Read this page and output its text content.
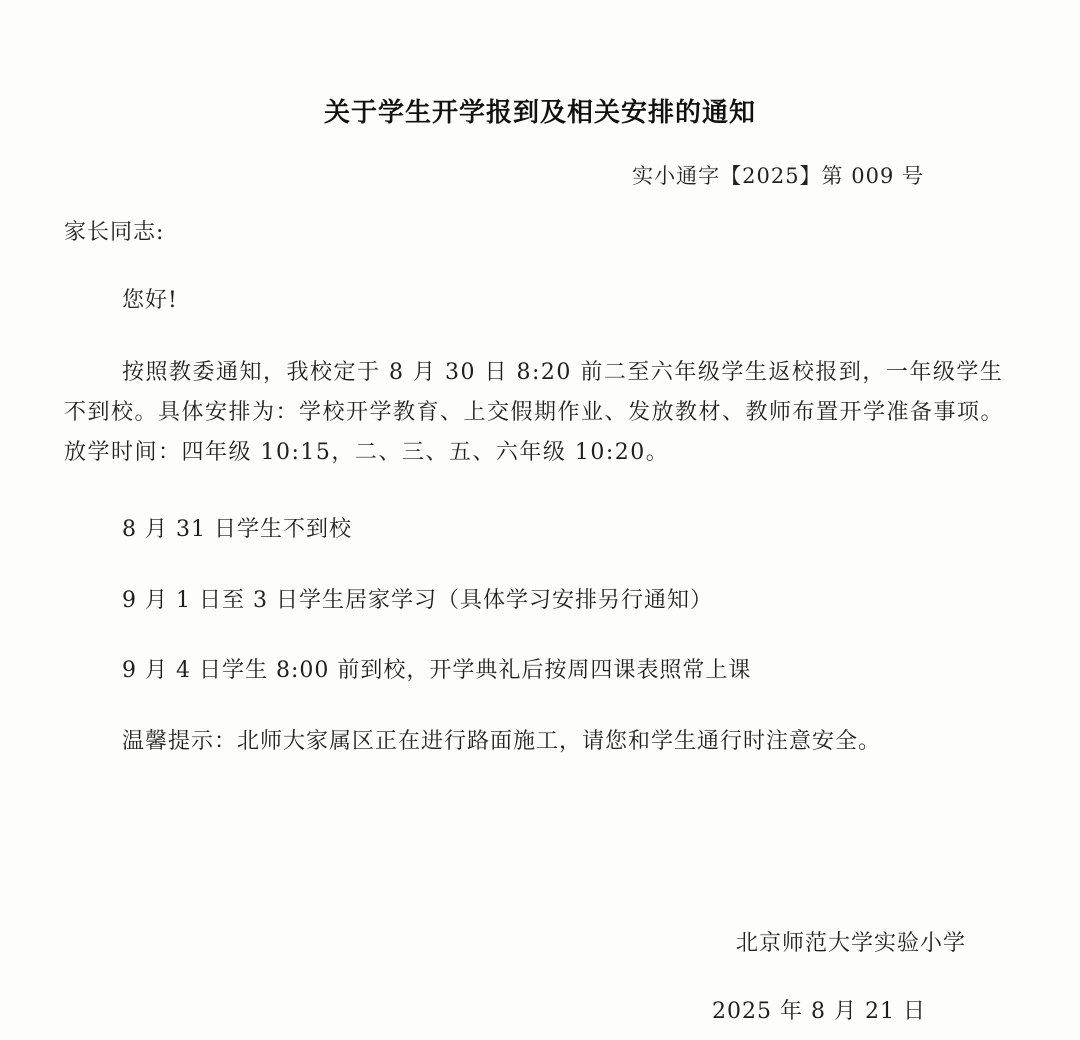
关于学生开学报到及相关安排的通知
实小通字【2025】第 009 号
家长同志:
您好!
按照教委通知，我校定于 8 月 30 日 8:20 前二至六年级学生返校报到，一年级学生不到校。具体安排为：学校开学教育、上交假期作业、发放教材、教师布置开学准备事项。放学时间：四年级 10:15，二、三、五、六年级 10:20。
8 月 31 日学生不到校
9 月 1 日至 3 日学生居家学习（具体学习安排另行通知）
9 月 4 日学生 8:00 前到校，开学典礼后按周四课表照常上课
温馨提示：北师大家属区正在进行路面施工，请您和学生通行时注意安全。
北京师范大学实验小学
2025 年 8 月 21 日
